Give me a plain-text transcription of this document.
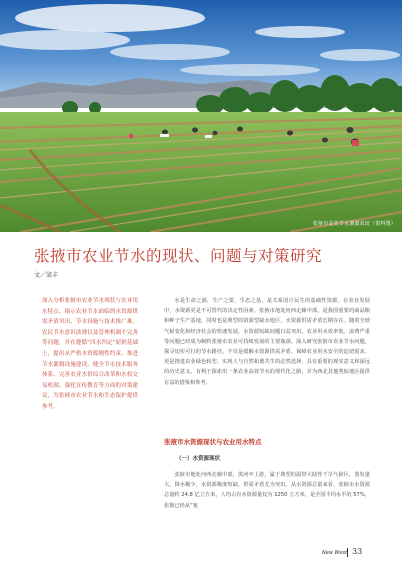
张掖市高效节水灌溉农田（资料图）
张掖市农业节水的现状、问题与对策研究
文／梁丰
深入分析张掖市农业节水现状与农业用水特点，揭示农业节水面临的水资源供需矛盾突出、节水设施与技术推广难、农民节水意识淡薄以及管理机制不完善等问题，并在遵循“四水四定”原则基础上，提出从严格水资源刚性约束、推进节水灌溉设施建设、健全节水技术服务体系、完善农业水价综合改革和水权交易机制、强化宣传教育等方面的对策建议，为张掖市农业节水和生态保护提供参考。

水是生命之源，生产之要，生态之基，是关系国计民生的基础性资源。在农业发展中，水资源更是不可替代的决定性因素。张掖市地处河西走廊中部，是我国重要的商品粮和种子生产基地，同时也是典型的资源型缺水地区，水资源供需矛盾长期存在。随着全球气候变化和经济社会的快速发展，水资源短缺问题日益突出，农业用水效率低、浪费严重等问题已经成为制约张掖市农业可持续发展的主要瓶颈。深入研究张掖市农业节水问题，探寻切实可行的节水路径，不仅是缓解水资源供需矛盾、保障农业用水安全的迫切需求，更是推进农业绿色转型、实现人与自然和谐共生的必然选择，具有重要的现实意义和深远的历史意义。有利于探索出一条农业高效节水的现代化之路，并为西北其他类似地区提供有益的借鉴和参考。

张掖市水资源现状与农业用水特点
（一）水资源现状

张掖市地处河西走廊中部，黑河中上游，属于典型的温带大陆性干旱气候区，蒸发量大、降水稀少，水资源极度短缺，供需矛盾尤为突出。从水资源总量来看，张掖市水资源总量约 24.8 亿立方米，人均占有水资源量仅为 1250 立方米，是全国平均水平的 57%，张掖已经从“塞

New West 33
